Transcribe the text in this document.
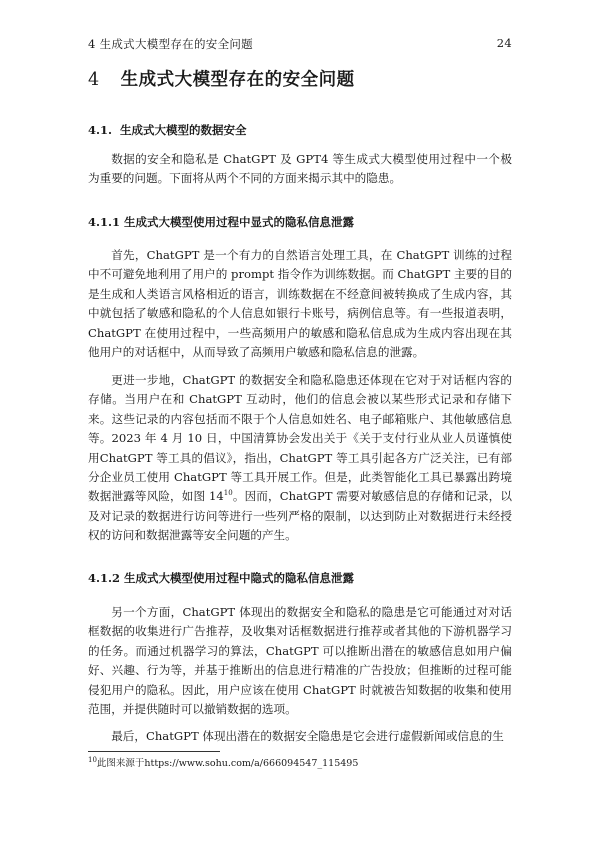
4 生成式大模型存在的安全问题	24
4 生成式大模型存在的安全问题
4.1. 生成式大模型的数据安全

数据的安全和隐私是 ChatGPT 及 GPT4 等生成式大模型使用过程中一个极为重要的问题。下面将从两个不同的方面来揭示其中的隐患。

4.1.1 生成式大模型使用过程中显式的隐私信息泄露

首先，ChatGPT 是一个有力的自然语言处理工具，在 ChatGPT 训练的过程中不可避免地利用了用户的 prompt 指令作为训练数据。而 ChatGPT 主要的目的是生成和人类语言风格相近的语言，训练数据在不经意间被转换成了生成内容，其中就包括了敏感和隐私的个人信息如银行卡账号，病例信息等。有一些报道表明，ChatGPT 在使用过程中，一些高频用户的敏感和隐私信息成为生成内容出现在其他用户的对话框中，从而导致了高频用户敏感和隐私信息的泄露。

更进一步地，ChatGPT 的数据安全和隐私隐患还体现在它对于对话框内容的存储。当用户在和 ChatGPT 互动时，他们的信息会被以某些形式记录和存储下来。这些记录的内容包括而不限于个人信息如姓名、电子邮箱账户、其他敏感信息等。2023 年 4 月 10 日，中国清算协会发出关于《关于支付行业从业人员谨慎使用ChatGPT 等工具的倡议》，指出，ChatGPT 等工具引起各方广泛关注，已有部分企业员工使用 ChatGPT 等工具开展工作。但是，此类智能化工具已暴露出跨境数据泄露等风险，如图 $14^{10}$。因而，ChatGPT 需要对敏感信息的存储和记录，以及对记录的数据进行访问等进行一些列严格的限制，以达到防止对数据进行未经授权的访问和数据泄露等安全问题的产生。

4.1.2 生成式大模型使用过程中隐式的隐私信息泄露

另一个方面，ChatGPT 体现出的数据安全和隐私的隐患是它可能通过对对话框数据的收集进行广告推荐，及收集对话框数据进行推荐或者其他的下游机器学习的任务。而通过机器学习的算法，ChatGPT 可以推断出潜在的敏感信息如用户偏好、兴趣、行为等，并基于推断出的信息进行精准的广告投放；但推断的过程可能侵犯用户的隐私。因此，用户应该在使用 ChatGPT 时就被告知数据的收集和使用范围，并提供随时可以撤销数据的选项。

最后，ChatGPT 体现出潜在的数据安全隐患是它会进行虚假新闻或信息的生

$^{10}$此图来源于https://www.sohu.com/a/666094547_115495
